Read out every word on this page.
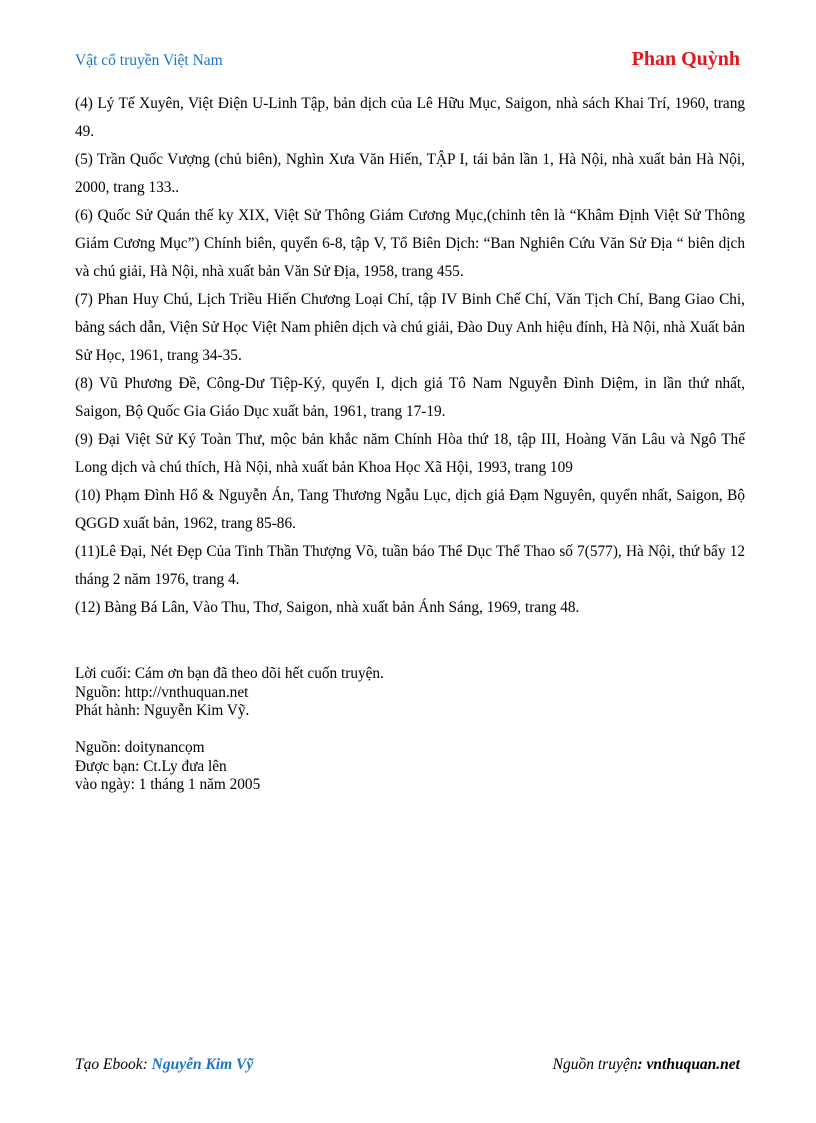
Vật cổ truyền Việt Nam	Phan Quỳnh

(4) Lý Tế Xuyên, Việt Điện U-Linh Tập, bản dịch của Lê Hữu Mục, Saigon, nhà sách Khai Trí, 1960, trang 49.

(5) Trần Quốc Vượng (chủ biên), Nghìn Xưa Văn Hiến, TẬP I, tái bản lần 1, Hà Nội, nhà xuất bản Hà Nội, 2000, trang 133..

(6) Quốc Sử Quán thế ky XIX, Việt Sử Thông Giám Cương Mục,(chinh tên là “Khâm Định Việt Sử Thông Giám Cương Mục”) Chính biên, quyển 6-8, tập V, Tổ Biên Dịch: “Ban Nghiên Cứu Văn Sử Địa “ biên dịch và chú giải, Hà Nội, nhà xuất bản Văn Sử Địa, 1958, trang 455.

(7) Phan Huy Chú, Lịch Triều Hiến Chương Loại Chí, tập IV Binh Chế Chí, Văn Tịch Chí, Bang Giao Chi, bảng sách dẫn, Viện Sử Học Việt Nam phiên dịch và chú giải, Đào Duy Anh hiệu đính, Hà Nội, nhà Xuất bản Sử Học, 1961, trang 34-35.

(8) Vũ Phương Đề, Công-Dư Tiệp-Ký, quyển I, dịch giả Tô Nam Nguyễn Đình Diệm, in lần thứ nhất, Saigon, Bộ Quốc Gia Giáo Dục xuất bản, 1961, trang 17-19.

(9) Đại Việt Sử Ký Toàn Thư, mộc bản khắc năm Chính Hòa thứ 18, tập III, Hoàng Văn Lâu và Ngô Thế Long dịch và chú thích, Hà Nội, nhà xuất bản Khoa Học Xã Hội, 1993, trang 109

(10) Phạm Đình Hổ & Nguyễn Án, Tang Thương Ngẫu Lục, dịch giả Đạm Nguyên, quyển nhất, Saigon, Bộ QGGD xuất bản, 1962, trang 85-86.

(11)Lê Đại, Nét Đẹp Của Tinh Thần Thượng Võ, tuần báo Thể Dục Thể Thao số 7(577), Hà Nội, thứ bẩy 12 tháng 2 năm 1976, trang 4.

(12) Bàng Bá Lân, Vào Thu, Thơ, Saigon, nhà xuất bản Ánh Sáng, 1969, trang 48.

Lời cuối: Cám ơn bạn đã theo dõi hết cuốn truyện.

Nguồn: http://vnthuquan.net

Phát hành: Nguyễn Kim Vỹ.

Nguồn: doitynancọm

Được bạn: Ct.Ly đưa lên

vào ngày: 1 tháng 1 năm 2005

Tạo Ebook: Nguyễn Kim Vỹ	Nguồn truyện: vnthuquan.net
